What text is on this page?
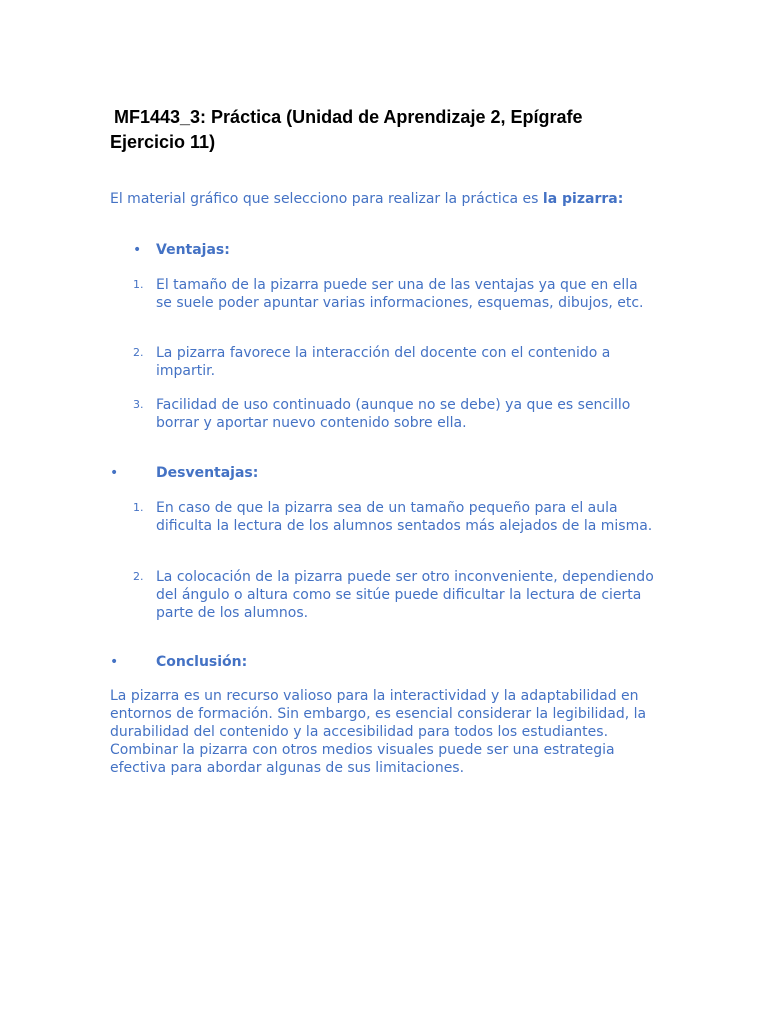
MF1443_3: Práctica (Unidad de Aprendizaje 2, Epígrafe
Ejercicio 11)

El material gráfico que selecciono para realizar la práctica es la pizarra:

• Ventajas:

1. El tamaño de la pizarra puede ser una de las ventajas ya que en ella se suele poder apuntar varias informaciones, esquemas, dibujos, etc.

2. La pizarra favorece la interacción del docente con el contenido a impartir.

3. Facilidad de uso continuado (aunque no se debe) ya que es sencillo borrar y aportar nuevo contenido sobre ella.

•	Desventajas:

1. En caso de que la pizarra sea de un tamaño pequeño para el aula dificulta la lectura de los alumnos sentados más alejados de la misma.

2. La colocación de la pizarra puede ser otro inconveniente, dependiendo del ángulo o altura como se sitúe puede dificultar la lectura de cierta parte de los alumnos.

•	Conclusión:

La pizarra es un recurso valioso para la interactividad y la adaptabilidad en entornos de formación. Sin embargo, es esencial considerar la legibilidad, la durabilidad del contenido y la accesibilidad para todos los estudiantes. Combinar la pizarra con otros medios visuales puede ser una estrategia efectiva para abordar algunas de sus limitaciones.
